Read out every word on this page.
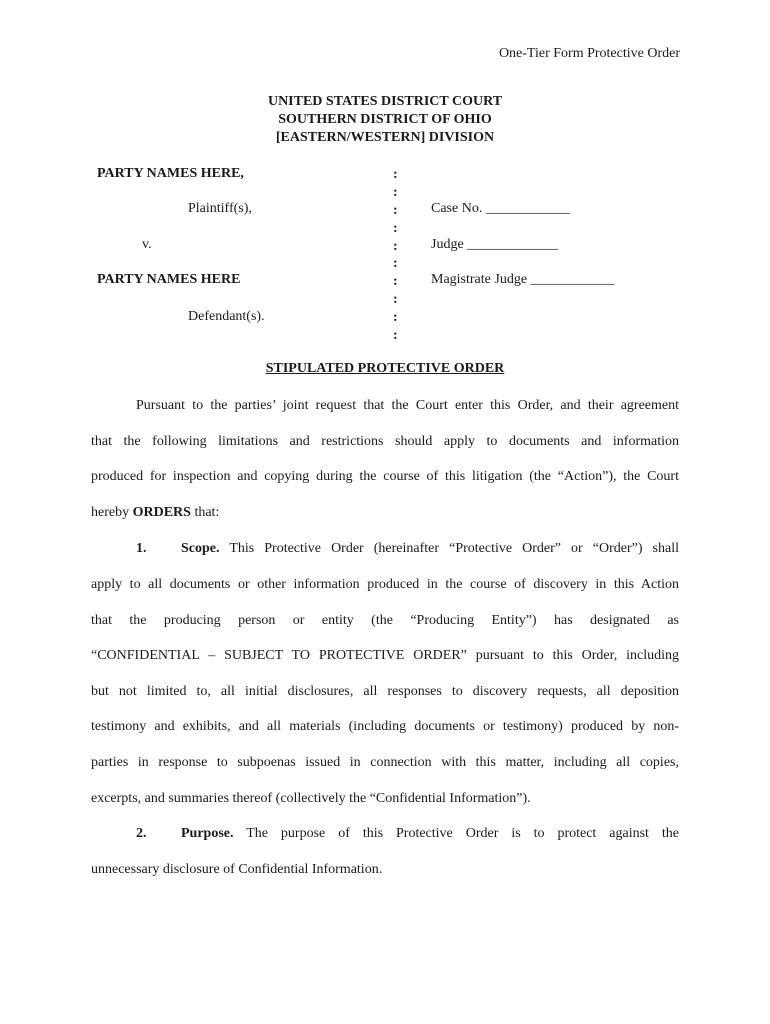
One-Tier Form Protective Order
UNITED STATES DISTRICT COURT
SOUTHERN DISTRICT OF OHIO
[EASTERN/WESTERN] DIVISION
PARTY NAMES HERE,
Plaintiff(s),
v.
PARTY NAMES HERE
Defendant(s).
:
:
:
:
:
:
:
:
:
:
Case No. ____________
Judge _____________
Magistrate Judge ____________
STIPULATED PROTECTIVE ORDER
Pursuant to the parties’ joint request that the Court enter this Order, and their agreement
that the following limitations and restrictions should apply to documents and information
produced for inspection and copying during the course of this litigation (the “Action”), the Court
hereby ORDERS that:
1. Scope. This Protective Order (hereinafter “Protective Order” or “Order”) shall
apply to all documents or other information produced in the course of discovery in this Action
that the producing person or entity (the “Producing Entity”) has designated as
“CONFIDENTIAL – SUBJECT TO PROTECTIVE ORDER” pursuant to this Order, including
but not limited to, all initial disclosures, all responses to discovery requests, all deposition
testimony and exhibits, and all materials (including documents or testimony) produced by non-
parties in response to subpoenas issued in connection with this matter, including all copies,
excerpts, and summaries thereof (collectively the “Confidential Information”).
2. Purpose. The purpose of this Protective Order is to protect against the
unnecessary disclosure of Confidential Information.
